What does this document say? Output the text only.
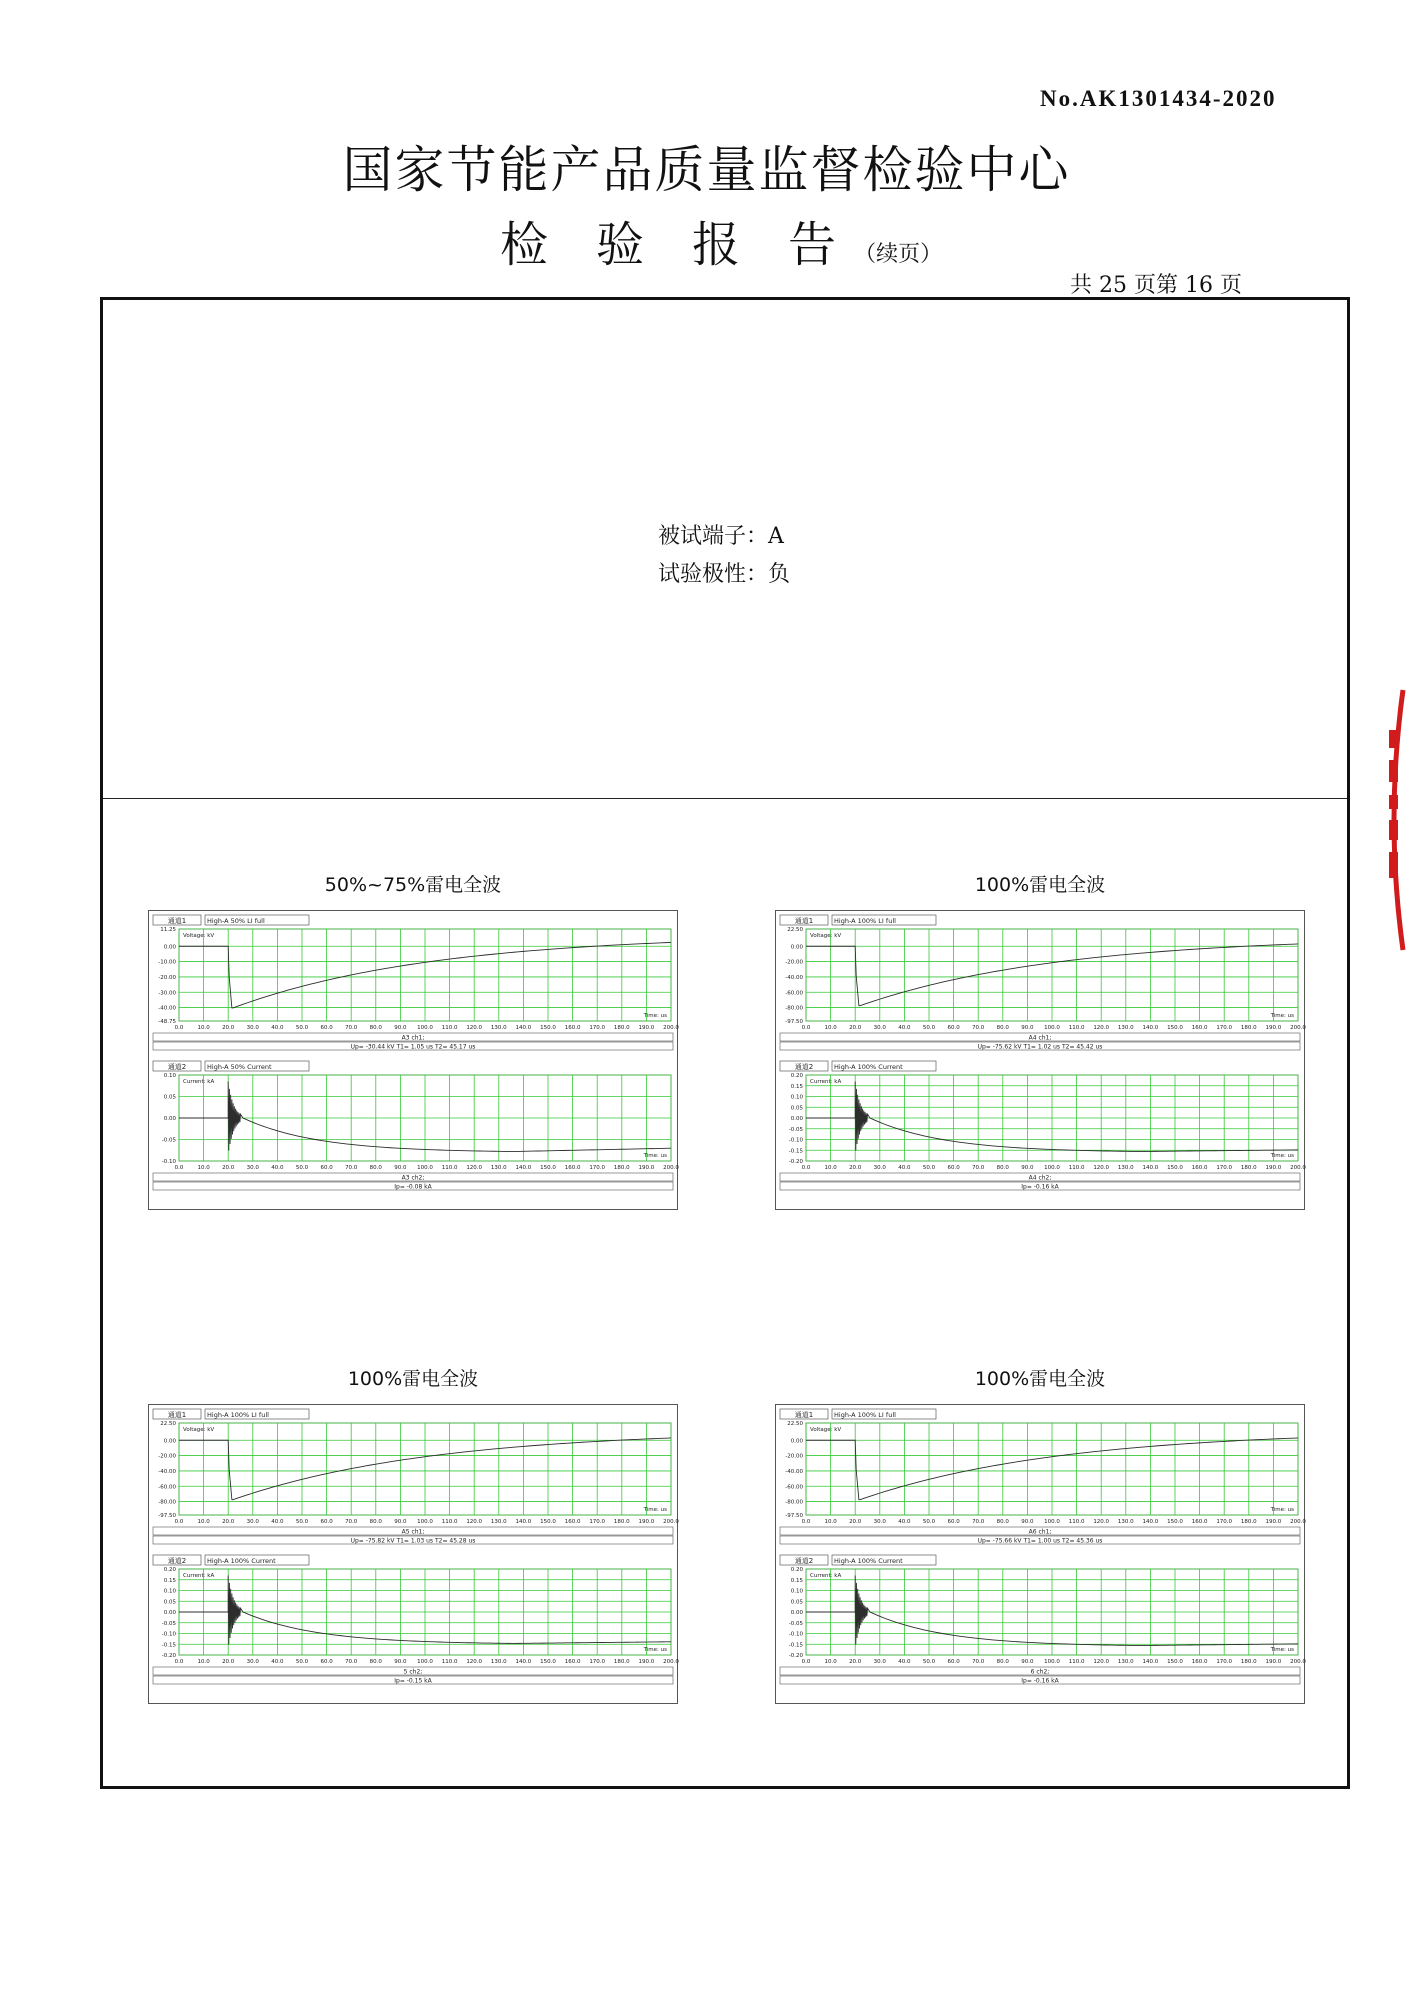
No.AK1301434-2020
国家节能产品质量监督检验中心
检 验 报 告 （续页）
共 25 页第 16 页
被试端子：A
试验极性：负
50%~75%雷电全波
通道1	High-A 50% LI full
11.25
0.00
-10.00
-20.00
-30.00
-40.00
-48.75
Voltage: kV
Time: us
0.0	10.0 20.0 30.0 40.0 50.0 60.0 70.0 80.0 90.0 100.0 110.0 120.0 130.0 140.0 150.0 160.0 170.0 180.0 190.0 200.0
A3 ch1;
Up= -30.44 kV T1= 1.05 us T2= 45.17 us
通道2	High-A 50% Current
0.10
0.05
0.00
-0.05
-0.10
Current: kA
Time: us
0.0	10.0 20.0 30.0 40.0 50.0 60.0 70.0 80.0 90.0 100.0 110.0 120.0 130.0 140.0 150.0 160.0 170.0 180.0 190.0 200.0
A3 ch2;
Ip= -0.08 kA
100%雷电全波
通道1	High-A 100% LI full
22.50
0.00
-20.00
-40.00
-60.00
-80.00
-97.50
Voltage: kV
Time: us
0.0	10.0 20.0 30.0 40.0 50.0 60.0 70.0 80.0 90.0 100.0 110.0 120.0 130.0 140.0 150.0 160.0 170.0 180.0 190.0 200.0
A4 ch1;
Up= -75.62 kV T1= 1.02 us T2= 45.42 us
通道2	High-A 100% Current
0.20
0.15
0.10
0.05
0.00
-0.05
-0.10
-0.15
-0.20
Current: kA
Time: us
0.0	10.0 20.0 30.0 40.0 50.0 60.0 70.0 80.0 90.0 100.0 110.0 120.0 130.0 140.0 150.0 160.0 170.0 180.0 190.0 200.0
A4 ch2;
Ip= -0.16 kA
100%雷电全波
通道1	High-A 100% LI full
22.50
0.00
-20.00
-40.00
-60.00
-80.00
-97.50
Voltage: kV
Time: us
0.0	10.0 20.0 30.0 40.0 50.0 60.0 70.0 80.0 90.0 100.0 110.0 120.0 130.0 140.0 150.0 160.0 170.0 180.0 190.0 200.0
A5 ch1;
Up= -75.82 kV T1= 1.03 us T2= 45.28 us
通道2	High-A 100% Current
0.20
0.15
0.10
0.05
0.00
-0.05
-0.10
-0.15
-0.20
Current: kA
Time: us
0.0	10.0 20.0 30.0 40.0 50.0 60.0 70.0 80.0 90.0 100.0 110.0 120.0 130.0 140.0 150.0 160.0 170.0 180.0 190.0 200.0
5 ch2;
Ip= -0.15 kA
100%雷电全波
通道1	High-A 100% LI full
22.50
0.00
-20.00
-40.00
-60.00
-80.00
-97.50
Voltage: kV
Time: us
0.0	10.0 20.0 30.0 40.0 50.0 60.0 70.0 80.0 90.0 100.0 110.0 120.0 130.0 140.0 150.0 160.0 170.0 180.0 190.0 200.0
A6 ch1;
Up= -75.66 kV T1= 1.00 us T2= 45.36 us
通道2	High-A 100% Current
0.20
0.15
0.10
0.05
0.00
-0.05
-0.10
-0.15
-0.20
Current: kA
Time: us
0.0	10.0 20.0 30.0 40.0 50.0 60.0 70.0 80.0 90.0 100.0 110.0 120.0 130.0 140.0 150.0 160.0 170.0 180.0 190.0 200.0
6 ch2;
Ip= -0.16 kA
